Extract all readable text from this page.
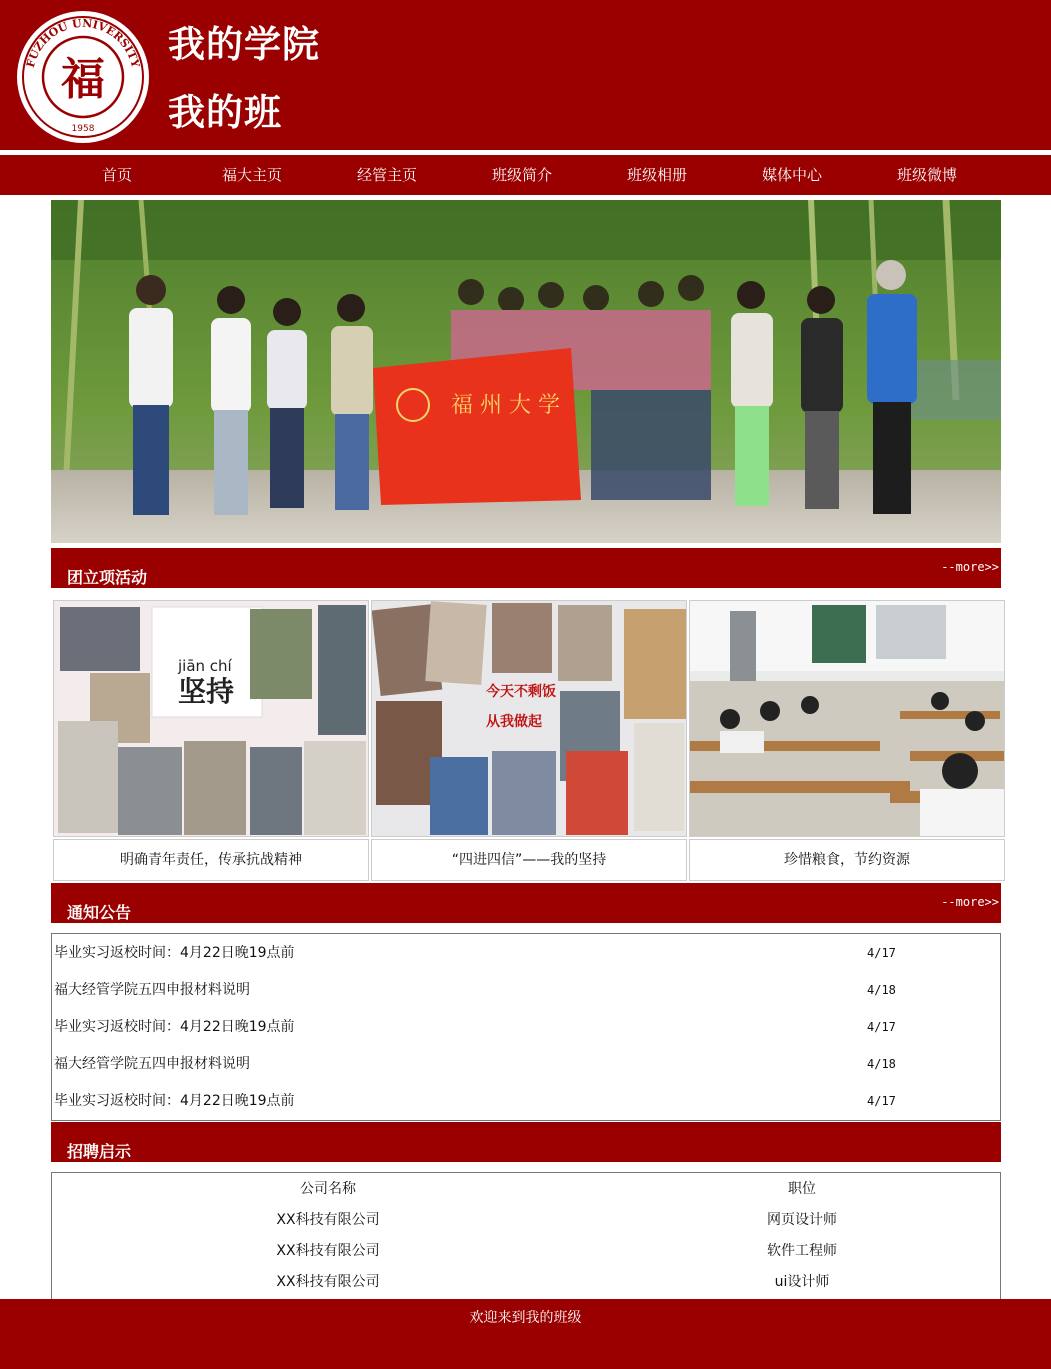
FUZHOU UNIVERSITY
福
1958
我的学院
我的班
首页	福大主页	经管主页	班级简介	班级相册	媒体中心	班级微博
福 州 大 学
团立项活动
--more>>
jiān chí
坚持
明确青年责任，传承抗战精神
今天不剩饭
从我做起
“四进四信”——我的坚持	珍惜粮食，节约资源
通知公告
--more>>
毕业实习返校时间：4月22日晚19点前	4/17
福大经管学院五四申报材料说明	4/18
毕业实习返校时间：4月22日晚19点前	4/17
福大经管学院五四申报材料说明	4/18
毕业实习返校时间：4月22日晚19点前	4/17
招聘启示
公司名称	职位
XX科技有限公司	网页设计师
XX科技有限公司	软件工程师
XX科技有限公司	ui设计师
欢迎来到我的班级
